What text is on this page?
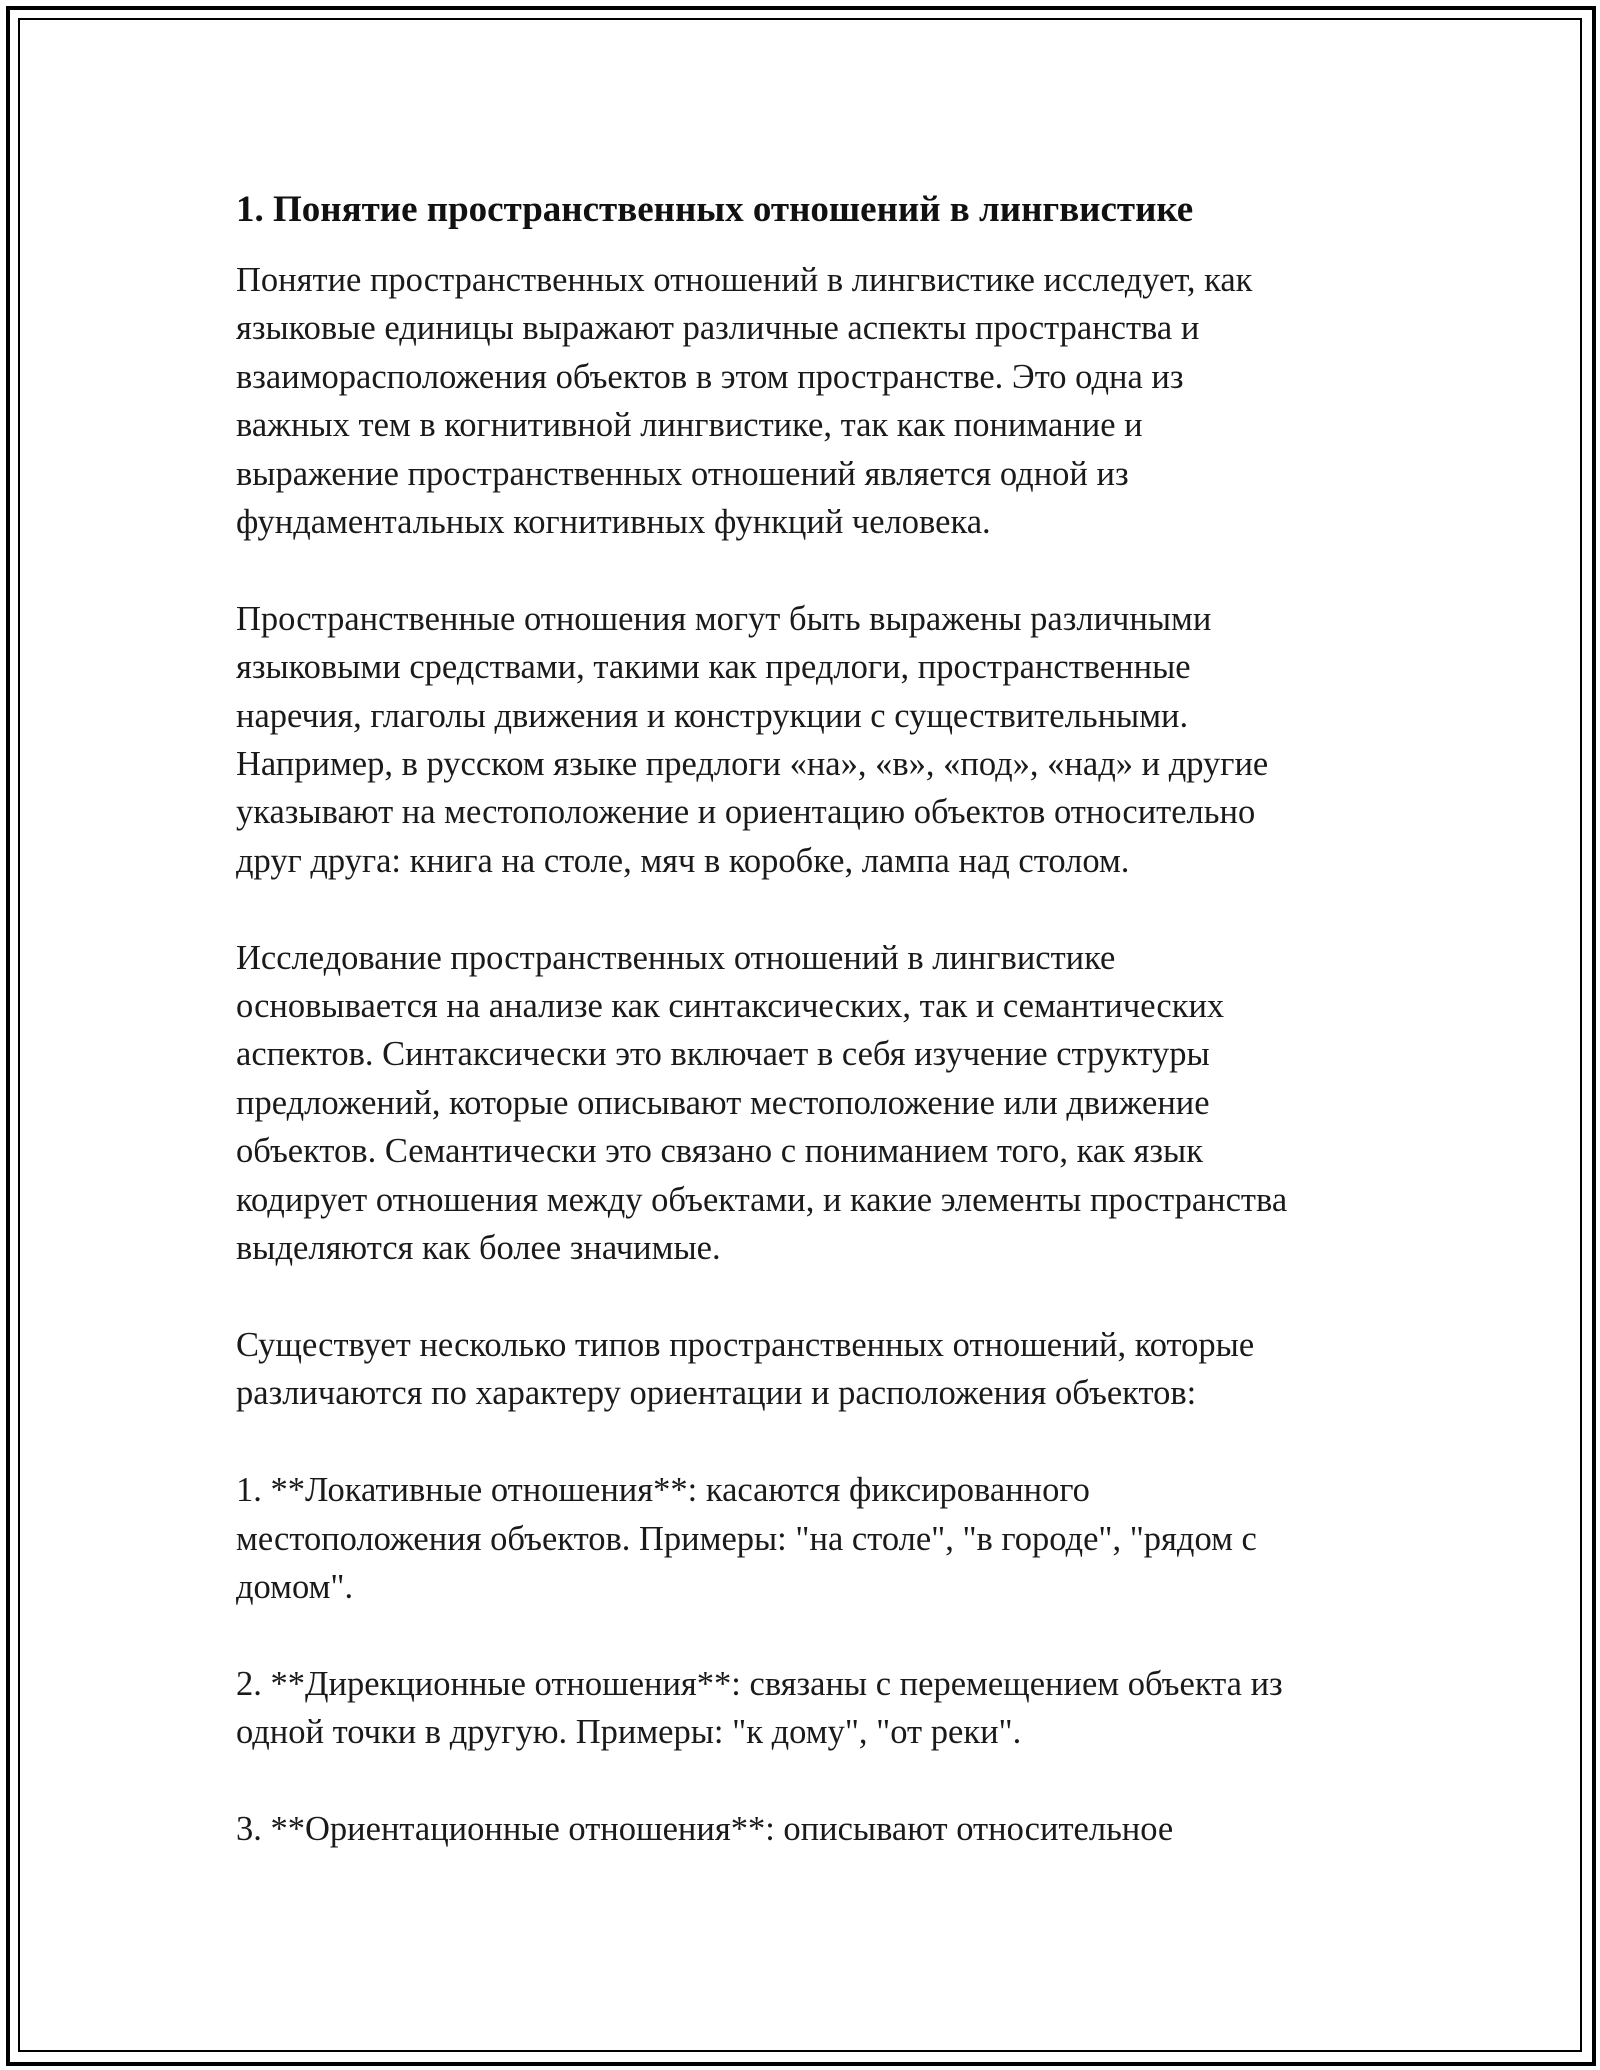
1. Понятие пространственных отношений в лингвистике

Понятие пространственных отношений в лингвистике исследует, как
языковые единицы выражают различные аспекты пространства и
взаиморасположения объектов в этом пространстве. Это одна из
важных тем в когнитивной лингвистике, так как понимание и
выражение пространственных отношений является одной из
фундаментальных когнитивных функций человека.

Пространственные отношения могут быть выражены различными
языковыми средствами, такими как предлоги, пространственные
наречия, глаголы движения и конструкции с существительными.
Например, в русском языке предлоги «на», «в», «под», «над» и другие
указывают на местоположение и ориентацию объектов относительно
друг друга: книга на столе, мяч в коробке, лампа над столом.

Исследование пространственных отношений в лингвистике
основывается на анализе как синтаксических, так и семантических
аспектов. Синтаксически это включает в себя изучение структуры
предложений, которые описывают местоположение или движение
объектов. Семантически это связано с пониманием того, как язык
кодирует отношения между объектами, и какие элементы пространства
выделяются как более значимые.

Существует несколько типов пространственных отношений, которые
различаются по характеру ориентации и расположения объектов:

1. **Локативные отношения**: касаются фиксированного
местоположения объектов. Примеры: "на столе", "в городе", "рядом с
домом".

2. **Дирекционные отношения**: связаны с перемещением объекта из
одной точки в другую. Примеры: "к дому", "от реки".

3. **Ориентационные отношения**: описывают относительное
